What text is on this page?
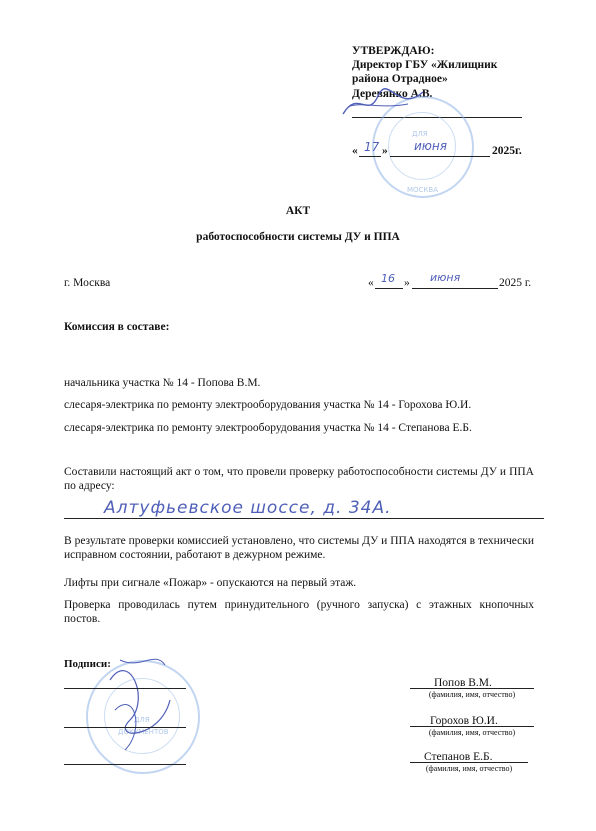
УТВЕРЖДАЮ:
Директор ГБУ «Жилищник
района Отрадное»
Деревянко А.В.
ДЛЯ
МОСКВА
« 17 » июня	2025г.
АКТ
работоспособности системы ДУ и ППА
г. Москва	« 16 » июня	2025 г.
Комиссия в составе:
начальника участка № 14 - Попова В.М.
слесаря-электрика по ремонту электрооборудования участка № 14 - Горохова Ю.И.
слесаря-электрика по ремонту электрооборудования участка № 14 - Степанова Е.Б.
Составили настоящий акт о том, что провели проверку работоспособности системы ДУ и ППА по адресу:
Алтуфьевское шоссе, д. 34А.
В результате проверки комиссией установлено, что системы ДУ и ППА находятся в технически исправном состоянии, работают в дежурном режиме.
Лифты при сигнале «Пожар» - опускаются на первый этаж.
Проверка проводилась путем принудительного (ручного запуска) с этажных кнопочных постов.
Подписи:
ДЛЯ
ДОКУМЕНТОВ
Попов В.М.
(фамилия, имя, отчество)
Горохов Ю.И.
(фамилия, имя, отчество)
Степанов Е.Б.
(фамилия, имя, отчество)
